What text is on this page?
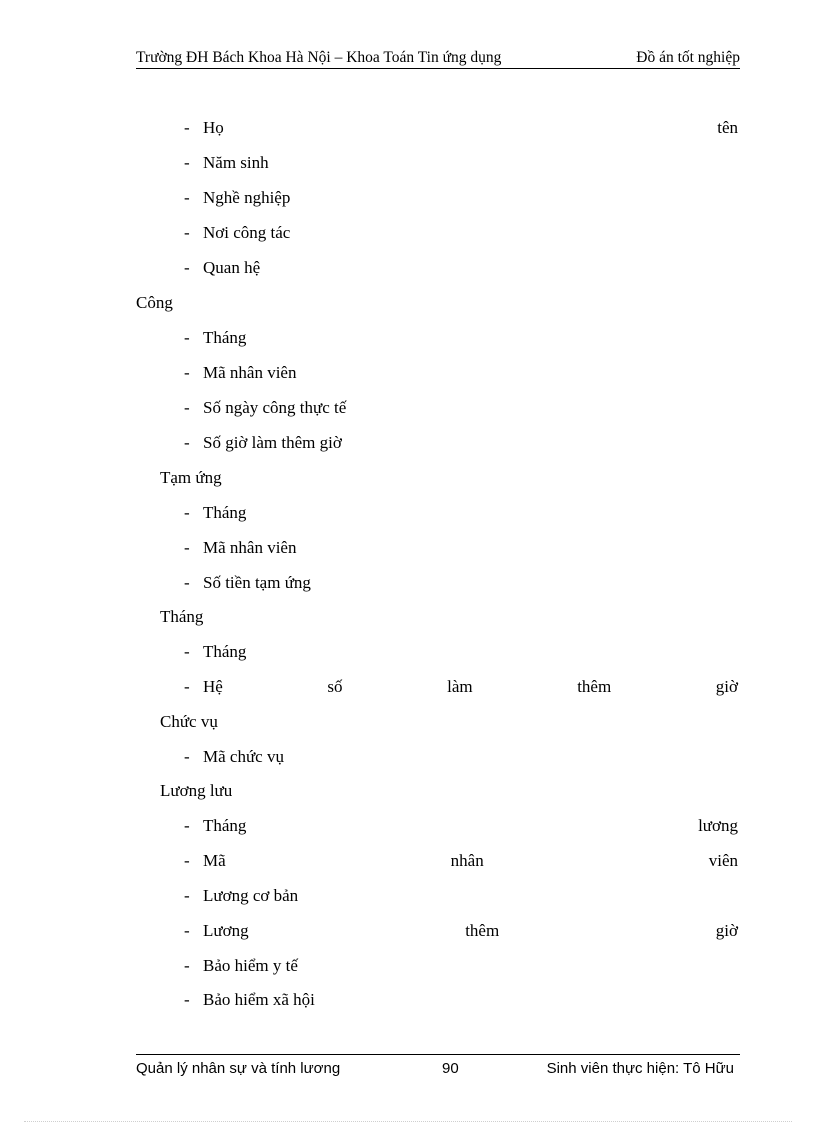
Trường ĐH Bách Khoa Hà Nội – Khoa Toán Tin ứng dụng	Đồ án tốt nghiệp
- Họ	tên
- Năm sinh
- Nghề nghiệp
- Nơi công tác
- Quan hệ
Công
- Tháng
- Mã nhân viên
- Số ngày công thực tế
- Số giờ làm thêm giờ
Tạm ứng
- Tháng
- Mã nhân viên
- Số tiền tạm ứng
Tháng
- Tháng
- Hệ	số	làm	thêm	giờ
Chức vụ
- Mã chức vụ
Lương lưu
- Tháng	lương
- Mã	nhân	viên
- Lương cơ bản
- Lương	thêm	giờ
- Bảo hiểm y tế
- Bảo hiểm xã hội
Quản lý nhân sự và tính lương	90	Sinh viên thực hiện: Tô Hữu
